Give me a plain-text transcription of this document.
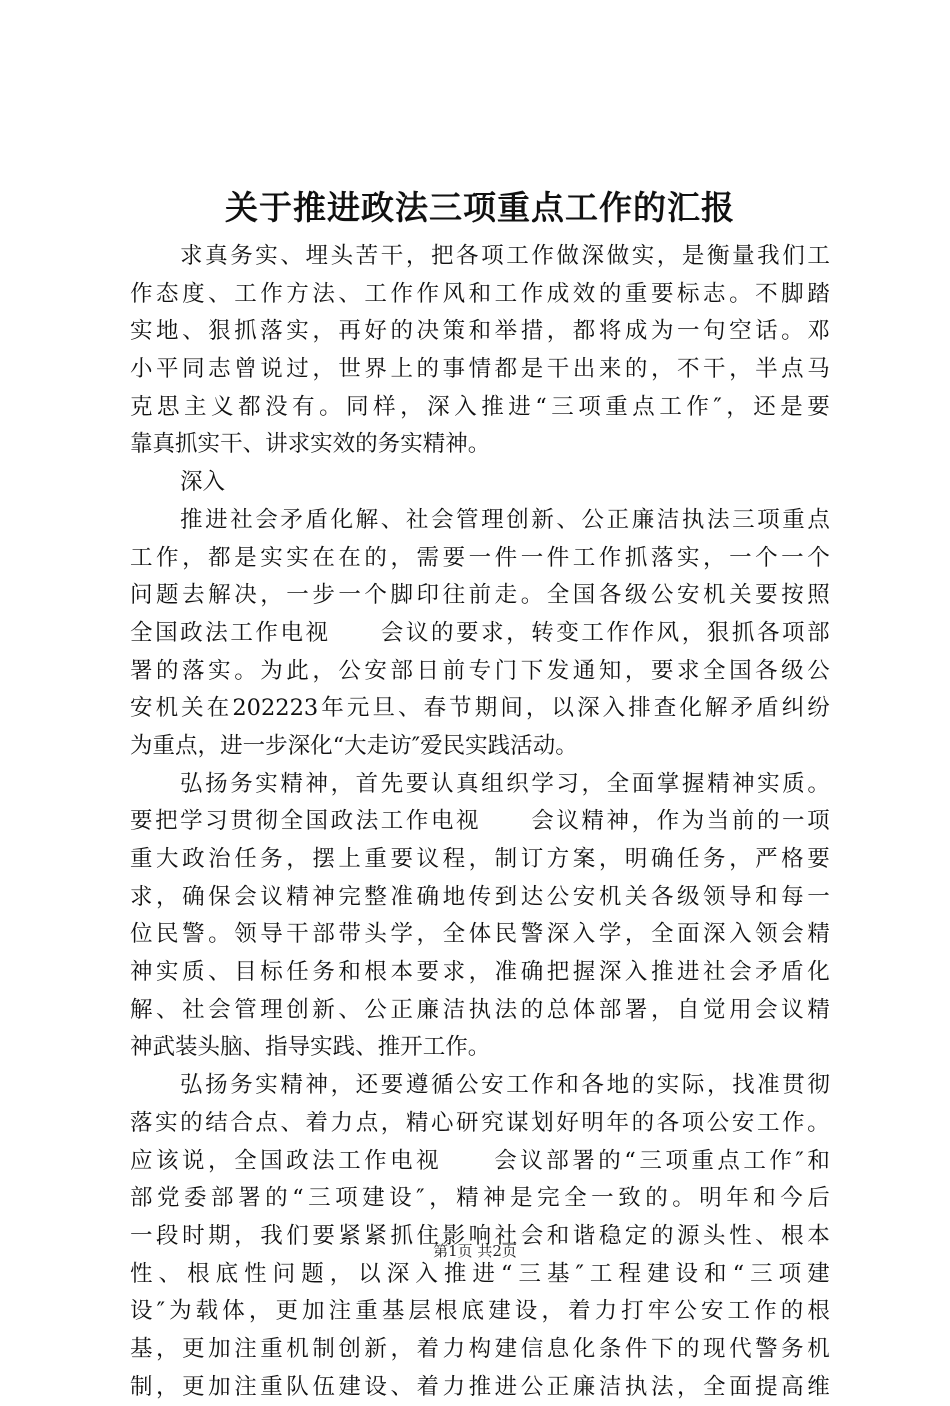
关于推进政法三项重点工作的汇报
求 真 务 实 、 埋 头 苦 干 ， 把 各 项 工 作 做 深 做 实 ， 是 衡 量 我 们 工
作 态 度 、 工 作 方 法 、 工 作 作 风 和 工 作 成 效 的 重 要 标 志 。 不 脚 踏
实 地 、 狠 抓 落 实 ， 再 好 的 决 策 和 举 措 ， 都 将 成 为 一 句 空 话 。 邓
小 平 同 志 曾 说 过 ， 世 界 上 的 事 情 都 是 干 出 来 的 ， 不 干 ， 半 点 马
克 思 主 义 都 没 有 。 同 样 ， 深 入 推 进 “ 三 项 重 点 工 作 ″ ， 还 是 要
靠 真 抓 实 干 、 讲 求 实 效 的 务 实 精 神 。
深 入
推 进 社 会 矛 盾 化 解 、 社 会 管 理 创 新 、 公 正 廉 洁 执 法 三 项 重 点
工 作 ， 都 是 实 实 在 在 的 ， 需 要 一 件 一 件 工 作 抓 落 实 ， 一 个 一 个
问 题 去 解 决 ， 一 步 一 个 脚 印 往 前 走 。 全 国 各 级 公 安 机 关 要 按 照
全 国 政 法 工 作 电 视

　 会 议 的 要 求 ， 转 变 工 作 作 风 ， 狠 抓 各 项 部
署 的 落 实 。 为 此 ， 公 安 部 日 前 专 门 下 发 通 知 ， 要 求 全 国 各 级 公
安 机 关 在 202223 年 元 旦 、 春 节 期 间 ， 以 深 入 排 查 化 解 矛 盾 纠 纷
为 重 点 ， 进 一 步 深 化 “ 大 走 访 ″ 爱 民 实 践 活 动 。
弘 扬 务 实 精 神 ， 首 先 要 认 真 组 织 学 习 ， 全 面 掌 握 精 神 实 质 。
要 把 学 习 贯 彻 全 国 政 法 工 作 电 视

　 会 议 精 神 ， 作 为 当 前 的 一 项
重 大 政 治 任 务 ， 摆 上 重 要 议 程 ， 制 订 方 案 ， 明 确 任 务 ， 严 格 要
求 ， 确 保 会 议 精 神 完 整 准 确 地 传 到 达 公 安 机 关 各 级 领 导 和 每 一
位 民 警 。 领 导 干 部 带 头 学 ， 全 体 民 警 深 入 学 ， 全 面 深 入 领 会 精
神 实 质 、 目 标 任 务 和 根 本 要 求 ， 准 确 把 握 深 入 推 进 社 会 矛 盾 化
解 、 社 会 管 理 创 新 、 公 正 廉 洁 执 法 的 总 体 部 署 ， 自 觉 用 会 议 精
神 武 装 头 脑 、 指 导 实 践 、 推 开 工 作 。
弘 扬 务 实 精 神 ， 还 要 遵 循 公 安 工 作 和 各 地 的 实 际 ， 找 准 贯 彻
落 实 的 结 合 点 、 着 力 点 ， 精 心 研 究 谋 划 好 明 年 的 各 项 公 安 工 作 。
应 该 说 ， 全 国 政 法 工 作 电 视

　 会 议 部 署 的 “ 三 项 重 点 工 作 ″ 和
部 党 委 部 署 的 “ 三 项 建 设 ″ ， 精 神 是 完 全 一 致 的 。 明 年 和 今 后
一 段 时 期 ， 我 们 要 紧 紧 抓 住 影 响 社 会 和 谐 稳 定 的 源 头 性 、 根 本
性 、 根 底 性 问 题 ， 以 深 入 推 进 “ 三 基 ″ 工 程 建 设 和 “ 三 项 建
设 ″ 为 载 体 ， 更 加 注 重 基 层 根 底 建 设 ， 着 力 打 牢 公 安 工 作 的 根
基 ， 更 加 注 重 机 制 创 新 ， 着 力 构 建 信 息 化 条 件 下 的 现 代 警 务 机
制 ， 更 加 注 重 队 伍 建 设 、 着 力 推 进 公 正 廉 洁 执 法 ， 全 面 提 高 维
第1页 共2页
